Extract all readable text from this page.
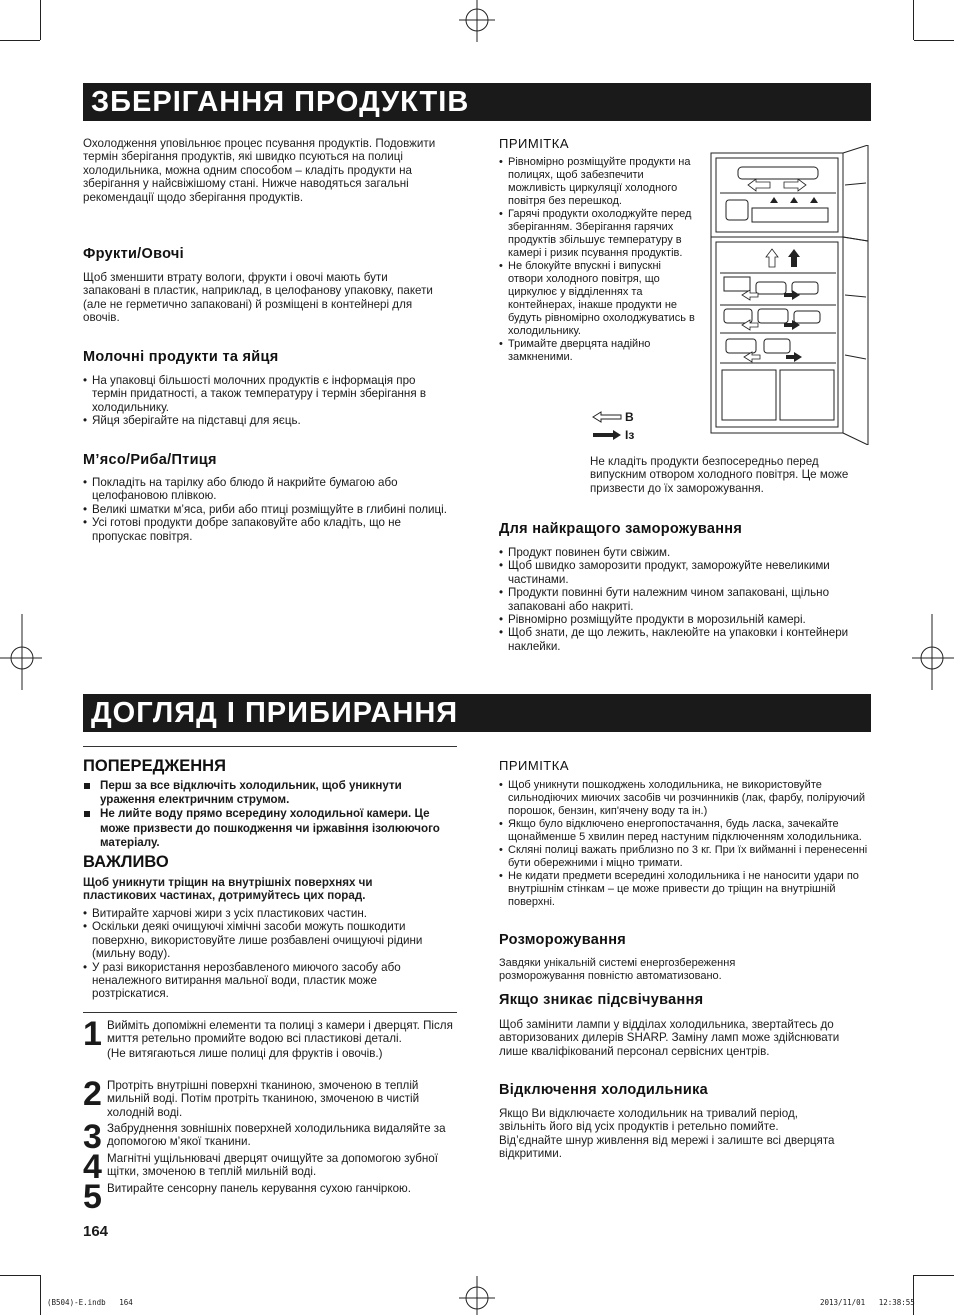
ЗБЕРІГАННЯ ПРОДУКТІВ
Охолодження уповільнює процес псування продуктів. Подовжити термін зберігання продуктів, які швидко псуються на полиці холодильника, можна одним способом – кладіть продукти на зберігання у найсвіжішому стані. Нижче наводяться загальні рекомендації щодо зберігання продуктів.
Фрукти/Овочі
Щоб зменшити втрату вологи, фрукти і овочі мають бути запаковані в пластик, наприклад, в целофанову упаковку, пакети (але не герметично запаковані) й розміщені в контейнері для овочів.
Молочні продукти та яйця
• На упаковці більшості молочних продуктів є інформація про термін придатності, а також температуру і термін зберігання в холодильнику.
• Яйця зберігайте на підставці для яєць.
М’ясо/Риба/Птиця
• Покладіть на тарілку або блюдо й накрийте бумагою або целофановою плівкою.
• Великі шматки м’яса, риби або птиці розміщуйте в глибині полиці.
• Усі готові продукти добре запаковуйте або кладіть, що не пропускає повітря.
ПРИМІТКА
• Рівномірно розміщуйте продукти на полицях, щоб забезпечити можливість циркуляції холодного повітря без перешкод.
• Гарячі продукти охолоджуйте перед зберіганням. Зберігання гарячих продуктів збільшує температуру в камері і ризик псування продуктів.
• Не блокуйте впускні і випускні отвори холодного повітря, що циркулює у відділеннях та контейнерах, інакше продукти не будуть рівномірно охолоджуватись в холодильнику.
• Тримайте дверцята надійно замкненими.
В
Із
Не кладіть продукти безпосередньо перед випускним отвором холодного повітря. Це може призвести до їх заморожування.
Для найкращого заморожування
• Продукт повинен бути свіжим.
• Щоб швидко заморозити продукт, заморожуйте невеликими частинами.
• Продукти повинні бути належним чином запаковані, щільно запаковані або накриті.
• Рівномірно розміщуйте продукти в морозильній камері.
• Щоб знати, де що лежить, наклеюйте на упаковки і контейнери наклейки.
ДОГЛЯД І ПРИБИРАННЯ
ПОПЕРЕДЖЕННЯ
Перш за все відключіть холодильник, щоб уникнути ураження електричним струмом.
Не лийте воду прямо всередину холодильної камери. Це може призвести до пошкодження чи іржавіння ізолюючого матеріалу.
ВАЖЛИВО
Щоб уникнути тріщин на внутрішніх поверхнях чи пластикових частинах, дотримуйтесь цих порад.
• Витирайте харчові жири з усіх пластикових частин.
• Оскільки деякі очищуючі хімічні засоби можуть пошкодити поверхню, використовуйте лише розбавлені очищуючі рідини (мильну воду).
• У разі використання нерозбавленого миючого засобу або неналежного витирання мальної води, пластик може розтріскатися.
1 Вийміть допоміжні елементи та полиці з камери і дверцят. Після миття ретельно промийте водою всі пластикові деталі.
(Не витягаються лише полиці для фруктів і овочів.)
2 Протріть внутрішні поверхні тканиною, змоченою в теплій мильній воді. Потім протріть тканиною, змоченою в чистій холодній воді.
3 Забруднення зовнішніх поверхней холодильника видаляйте за допомогою м’якої тканини.
4 Магнітні ущільнювачі дверцят очищуйте за допомогою зубної щітки, змоченою в теплій мильній воді.
5 Витирайте сенсорну панель керування сухою ганчіркою.
164
ПРИМІТКА
• Щоб уникнути пошкоджень холодильника, не використовуйте сильнодіючих миючих засобів чи розчинників (лак, фарбу, поліруючий порошок, бензин, кип'ячену воду та ін.)
• Якщо було відключено енергопостачання, будь ласка, зачекайте щонайменше 5 хвилин перед настуним підключенням холодильника.
• Скляні полиці важать приблизно по 3 кг. При їх вийманні і перенесенні бути обережними і міцно тримати.
• Не кидати предмети всередині холодильника і не наносити удари по внутрішнім стінкам – це може привести до тріщин на внутрішній поверхні.
Розморожування
Завдяки унікальній системі енергозбереження розморожування повністю автоматизовано.
Якщо зникає підсвічування
Щоб замінити лампи у відділах холодильника, звертайтесь до авторизованих дилерів SHARP. Заміну ламп може здійснювати лише кваліфікований персонал сервісних центрів.
Відключення холодильника
Якщо Ви відключаєте холодильник на тривалий період, звільніть його від усіх продуктів і ретельно помийте. Від’єднайте шнур живлення від мережі і залиште всі дверцята відкритими.
(B504)-E.indb   164	2013/11/01   12:38:55
